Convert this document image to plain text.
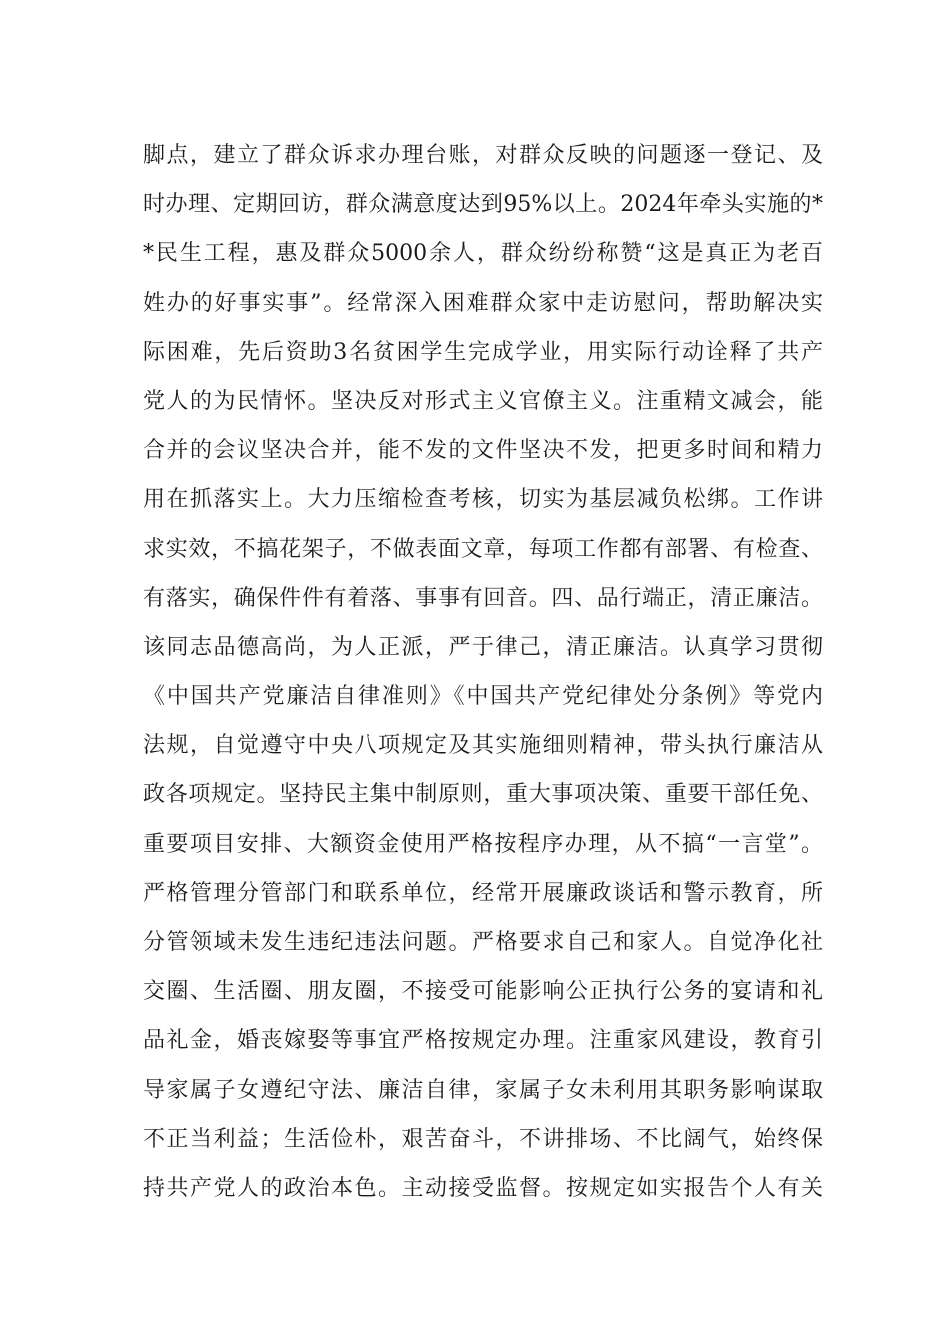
脚点，建立了群众诉求办理台账，对群众反映的问题逐一登记、及
时办理、定期回访，群众满意度达到95%以上。2024年牵头实施的*
*民生工程，惠及群众5000余人，群众纷纷称赞“这是真正为老百
姓办的好事实事”。经常深入困难群众家中走访慰问，帮助解决实
际困难，先后资助3名贫困学生完成学业，用实际行动诠释了共产
党人的为民情怀。坚决反对形式主义官僚主义。注重精文减会，能
合并的会议坚决合并，能不发的文件坚决不发，把更多时间和精力
用在抓落实上。大力压缩检查考核，切实为基层减负松绑。工作讲
求实效，不搞花架子，不做表面文章，每项工作都有部署、有检查、
有落实，确保件件有着落、事事有回音。四、品行端正，清正廉洁。
该同志品德高尚，为人正派，严于律己，清正廉洁。认真学习贯彻
《中国共产党廉洁自律准则》《中国共产党纪律处分条例》等党内
法规，自觉遵守中央八项规定及其实施细则精神，带头执行廉洁从
政各项规定。坚持民主集中制原则，重大事项决策、重要干部任免、
重要项目安排、大额资金使用严格按程序办理，从不搞“一言堂”。
严格管理分管部门和联系单位，经常开展廉政谈话和警示教育，所
分管领域未发生违纪违法问题。严格要求自己和家人。自觉净化社
交圈、生活圈、朋友圈，不接受可能影响公正执行公务的宴请和礼
品礼金，婚丧嫁娶等事宜严格按规定办理。注重家风建设，教育引
导家属子女遵纪守法、廉洁自律，家属子女未利用其职务影响谋取
不正当利益；生活俭朴，艰苦奋斗，不讲排场、不比阔气，始终保
持共产党人的政治本色。主动接受监督。按规定如实报告个人有关
